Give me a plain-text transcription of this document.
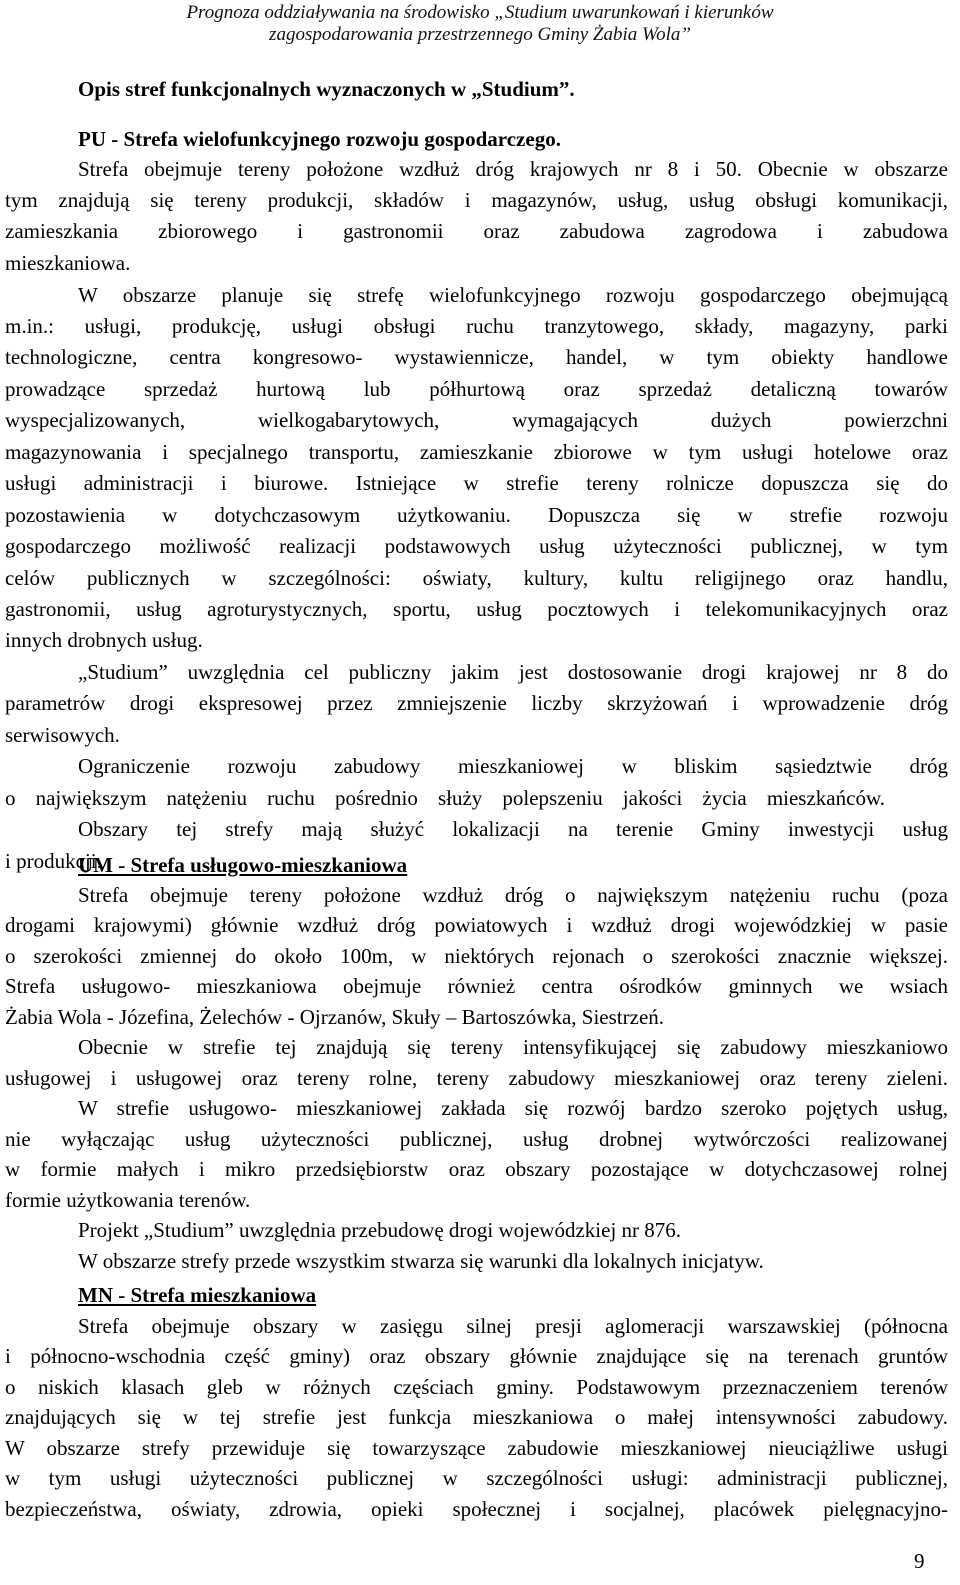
Prognoza oddziaływania na środowisko „Studium uwarunkowań i kierunków
zagospodarowania przestrzennego Gminy Żabia Wola”
Opis stref funkcjonalnych wyznaczonych w „Studium”.
PU - Strefa wielofunkcyjnego rozwoju gospodarczego.
Strefa obejmuje tereny położone wzdłuż dróg krajowych nr 8 i 50. Obecnie w obszarze
tym znajdują się tereny produkcji, składów i magazynów, usług, usług obsługi komunikacji,
zamieszkania zbiorowego i gastronomii oraz zabudowa zagrodowa i zabudowa
mieszkaniowa.
W obszarze planuje się strefę wielofunkcyjnego rozwoju gospodarczego obejmującą
m.in.: usługi, produkcję, usługi obsługi ruchu tranzytowego, składy, magazyny, parki
technologiczne, centra kongresowo- wystawiennicze, handel, w tym obiekty handlowe
prowadzące sprzedaż hurtową lub półhurtową oraz sprzedaż detaliczną towarów
wyspecjalizowanych, wielkogabarytowych, wymagających dużych powierzchni
magazynowania i specjalnego transportu, zamieszkanie zbiorowe w tym usługi hotelowe oraz
usługi administracji i biurowe. Istniejące w strefie tereny rolnicze dopuszcza się do
pozostawienia w dotychczasowym użytkowaniu. Dopuszcza się w strefie rozwoju
gospodarczego możliwość realizacji podstawowych usług użyteczności publicznej, w tym
celów publicznych w szczególności: oświaty, kultury, kultu religijnego oraz handlu,
gastronomii, usług agroturystycznych, sportu, usług pocztowych i telekomunikacyjnych oraz
innych drobnych usług.
„Studium” uwzględnia cel publiczny jakim jest dostosowanie drogi krajowej nr 8 do
parametrów drogi ekspresowej przez zmniejszenie liczby skrzyżowań i wprowadzenie dróg
serwisowych.
Ograniczenie rozwoju zabudowy mieszkaniowej w bliskim sąsiedztwie dróg
o największym natężeniu ruchu pośrednio służy polepszeniu jakości życia mieszkańców.
Obszary tej strefy mają służyć lokalizacji na terenie Gminy inwestycji usług
i produkcji.
UM - Strefa usługowo-mieszkaniowa
Strefa obejmuje tereny położone wzdłuż dróg o największym natężeniu ruchu (poza
drogami krajowymi) głównie wzdłuż dróg powiatowych i wzdłuż drogi wojewódzkiej w pasie
o szerokości zmiennej do około 100m, w niektórych rejonach o szerokości znacznie większej.
Strefa usługowo- mieszkaniowa obejmuje również centra ośrodków gminnych we wsiach
Żabia Wola - Józefina, Żelechów - Ojrzanów, Skuły – Bartoszówka, Siestrzeń.
Obecnie w strefie tej znajdują się tereny intensyfikującej się zabudowy mieszkaniowo
usługowej i usługowej oraz tereny rolne, tereny zabudowy mieszkaniowej oraz tereny zieleni.
W strefie usługowo- mieszkaniowej zakłada się rozwój bardzo szeroko pojętych usług,
nie wyłączając usług użyteczności publicznej, usług drobnej wytwórczości realizowanej
w formie małych i mikro przedsiębiorstw oraz obszary pozostające w dotychczasowej rolnej
formie użytkowania terenów.
Projekt „Studium” uwzględnia przebudowę drogi wojewódzkiej nr 876.
W obszarze strefy przede wszystkim stwarza się warunki dla lokalnych inicjatyw.
MN - Strefa mieszkaniowa
Strefa obejmuje obszary w zasięgu silnej presji aglomeracji warszawskiej (północna
i północno-wschodnia część gminy) oraz obszary głównie znajdujące się na terenach gruntów
o niskich klasach gleb w różnych częściach gminy. Podstawowym przeznaczeniem terenów
znajdujących się w tej strefie jest funkcja mieszkaniowa o małej intensywności zabudowy.
W obszarze strefy przewiduje się towarzyszące zabudowie mieszkaniowej nieuciążliwe usługi
w tym usługi użyteczności publicznej w szczególności usługi: administracji publicznej,
bezpieczeństwa, oświaty, zdrowia, opieki społecznej i socjalnej, placówek pielęgnacyjno-
9
